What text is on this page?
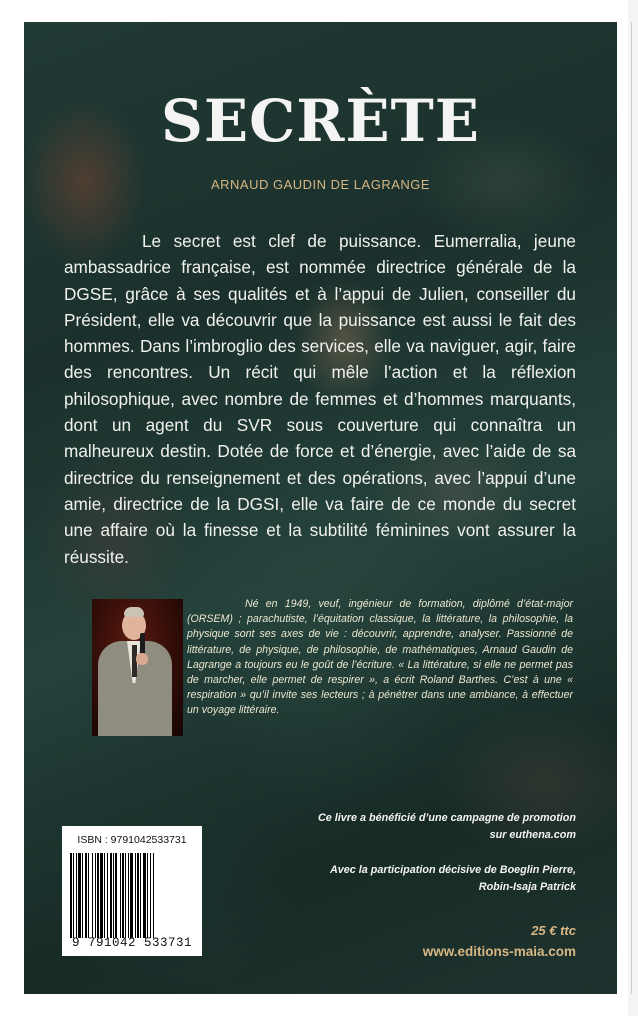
SECRÈTE
ARNAUD GAUDIN DE LAGRANGE

Le secret est clef de puissance. Eumerralia, jeune ambassadrice française, est nommée directrice générale de la DGSE, grâce à ses qualités et à l’appui de Julien, conseiller du Président, elle va découvrir que la puissance est aussi le fait des hommes. Dans l’imbroglio des services, elle va naviguer, agir, faire des rencontres. Un récit qui mêle l’action et la réflexion philosophique, avec nombre de femmes et d’hommes marquants, dont un agent du SVR sous couverture qui connaîtra un malheureux destin. Dotée de force et d’énergie, avec l’aide de sa directrice du renseignement et des opérations, avec l’appui d’une amie, directrice de la DGSI, elle va faire de ce monde du secret une affaire où la finesse et la subtilité féminines vont assurer la réussite.

Né en 1949, veuf, ingénieur de formation, diplômé d’état-major (ORSEM) ; parachutiste, l’équitation classique, la littérature, la philosophie, la physique sont ses axes de vie : découvrir, apprendre, analyser. Passionné de littérature, de physique, de philosophie, de mathématiques, Arnaud Gaudin de Lagrange a toujours eu le goût de l’écriture. « La littérature, si elle ne permet pas de marcher, elle permet de respirer », a écrit Roland Barthes. C’est à une « respiration » qu’il invite ses lecteurs ; à pénétrer dans une ambiance, à effectuer un voyage littéraire.

Ce livre a bénéficié d’une campagne de promotion
sur euthena.com
Avec la participation décisive de Boeglin Pierre,
Robin-Isaja Patrick
25 € ttc
www.editions-maia.com
ISBN : 9791042533731
9 791042 533731
